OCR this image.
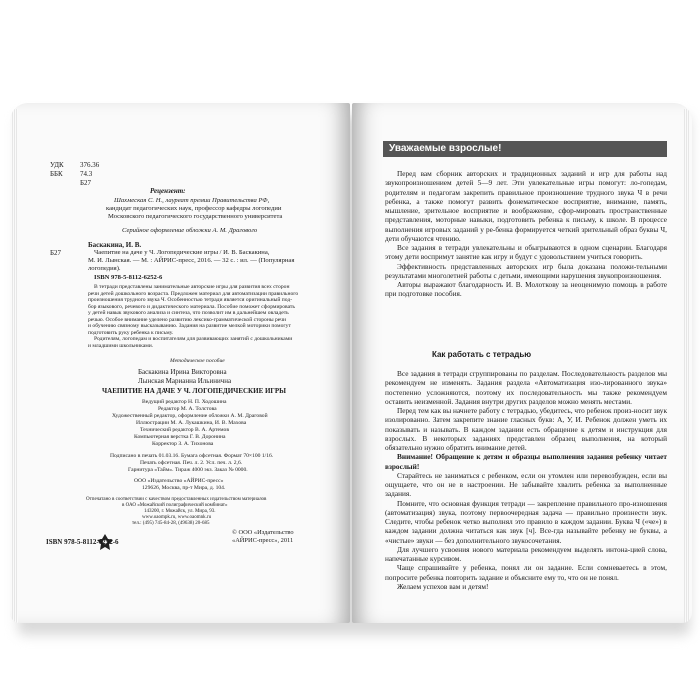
УДК 376.36
ББК 74.3
Б27
Рецензент:
Шахмеская С. Н., лауреат премии Правительства РФ,
кандидат педагогических наук, профессор кафедры логопедии
Московского педагогического государственного университета
Серийное оформление обложки А. М. Драгового
Баскакина, И. В.
Б27	Чаепитие на даче у Ч. Логопедические игры / И. В. Баскакина,
М. И. Лынская. — М. : АЙРИС-пресс, 2016. — 32 с. : ил. — (Популярная
логопедия).
ISBN 978-5-8112-6252-6
В тетради представлены занимательные авторские игры для развития всех сторон
речи детей дошкольного возраста. Предложен материал для автоматизации правильного
произношения трудного звука Ч. Особенностью тетради является оригинальный под-
бор языкового, речевого и дидактического материала. Пособие поможет сформировать
у детей навык звукового анализа и синтеза, что позволит им в дальнейшем овладеть
речью. Особое внимание уделено развитию лексико-грамматической стороны речи
и обучению связному высказыванию. Задания на развитие мелкой моторики помогут
подготовить руку ребенка к письму.
Родителям, логопедам и воспитателям для развивающих занятий с дошкольниками
и младшими школьниками.
Методическое пособие
Баскакина Ирина Викторовна
Лынская Марианна Ильинична
ЧАЕПИТИЕ НА ДАЧЕ У Ч. ЛОГОПЕДИЧЕСКИЕ ИГРЫ
Ведущий редактор Н. П. Ходошина
Редактор М. А. Толстова
Художественный редактор, оформление обложки А. М. Драговой
Иллюстрации М. А. Лукашкина, И. В. Махова
Технический редактор В. А. Артемов
Компьютерная верстка Г. В. Доронина
Корректор З. А. Тихонова
Подписано в печать 01.03.16. Бумага офсетная. Формат 70×100 1/16.
Печать офсетная. Печ. л. 2. Усл. печ. л. 2,6.
Гарнитура «Тайм». Тираж 4000 экз. Заказ № 0000.
ООО «Издательство «АЙРИС-пресс»
129626, Москва, пр-т Мира, д. 104.
Отпечатано в соответствии с качеством предоставленных издательством материалов
в ОАО «Можайский полиграфический комбинат»
143200, г. Можайск, ул. Мира, 93.
www.oaompk.ru, www.oaomnk.ru
тел.: (495) 745-84-28, (49638) 20-685
ISBN 978-5-8112-6252-6
© ООО «Издательство
«АЙРИС-пресс», 2011
Уважаемые взрослые!

Перед вам сборник авторских и традиционных заданий и игр для работы над звукопроизношением детей 5—9 лет. Эти увлекательные игры помогут: ло-гопедам, родителям и педагогам закрепить правильное произношение трудного звука Ч в речи ребенка, а также помогут развить фонематическое восприятие, внимание, память, мышление, зрительное восприятие и воображение, сфор-мировать пространственные представления, моторные навыки, подготовить ребенка к письму, к школе. В процессе выполнения игровых заданий у ре-бенка формируется четкий зрительный образ буквы Ч, дети обучаются чтению.

Все задания в тетради увлекательны и обыгрываются в одном сценарии. Благодаря этому дети воспримут занятие как игру и будут с удовольствием учиться говорить.

Эффективность представленных авторских игр была доказана положи-тельными результатами многолетней работы с детьми, имеющими нарушения звукопроизношения.

Авторы выражают благодарность И. В. Молоткову за неоценимую помощь в работе при подготовке пособия.

Как работать с тетрадью

Все задания в тетради сгруппированы по разделам. Последовательность разделов мы рекомендуем не изменять. Задания раздела «Автоматизация изо-лированного звука» постепенно усложняются, поэтому их последовательность мы также рекомендуем оставить неизменной. Задания внутри других разделов можно менять местами.

Перед тем как вы начнете работу с тетрадью, убедитесь, что ребенок произ-носит звук изолированно. Затем закрепите знание гласных букв: А, У, И. Ребенок должен уметь их показывать и называть. В каждом задании есть обращение к детям и инструкция для взрослых. В некоторых заданиях представлен образец выполнения, на который обязательно нужно обратить внимание детей.

Внимание! Обращение к детям и образцы выполнения задания ребенку читает взрослый!

Старайтесь не заниматься с ребенком, если он утомлен или перевозбужден, если вы ощущаете, что он не в настроении. Не забывайте хвалить ребенка за выполненные задания.

Помните, что основная функция тетради — закрепление правильного про-изношения (автоматизация) звука, поэтому первоочередная задача — правильно произнести звук. Следите, чтобы ребенок четко выполнял это правило в каждом задании. Буква Ч («че») в каждом задании должна читаться как звук [ч]. Все-гда называйте ребенку не буквы, а «чистые» звуки — без дополнительного звукосочетания.

Для лучшего усвоения нового материала рекомендуем выделять интона-цией слова, напечатанные курсивом.

Чаще спрашивайте у ребенка, понял ли он задание. Если сомневаетесь в этом, попросите ребенка повторить задание и объясните ему то, что он не понял.

Желаем успехов вам и детям!
